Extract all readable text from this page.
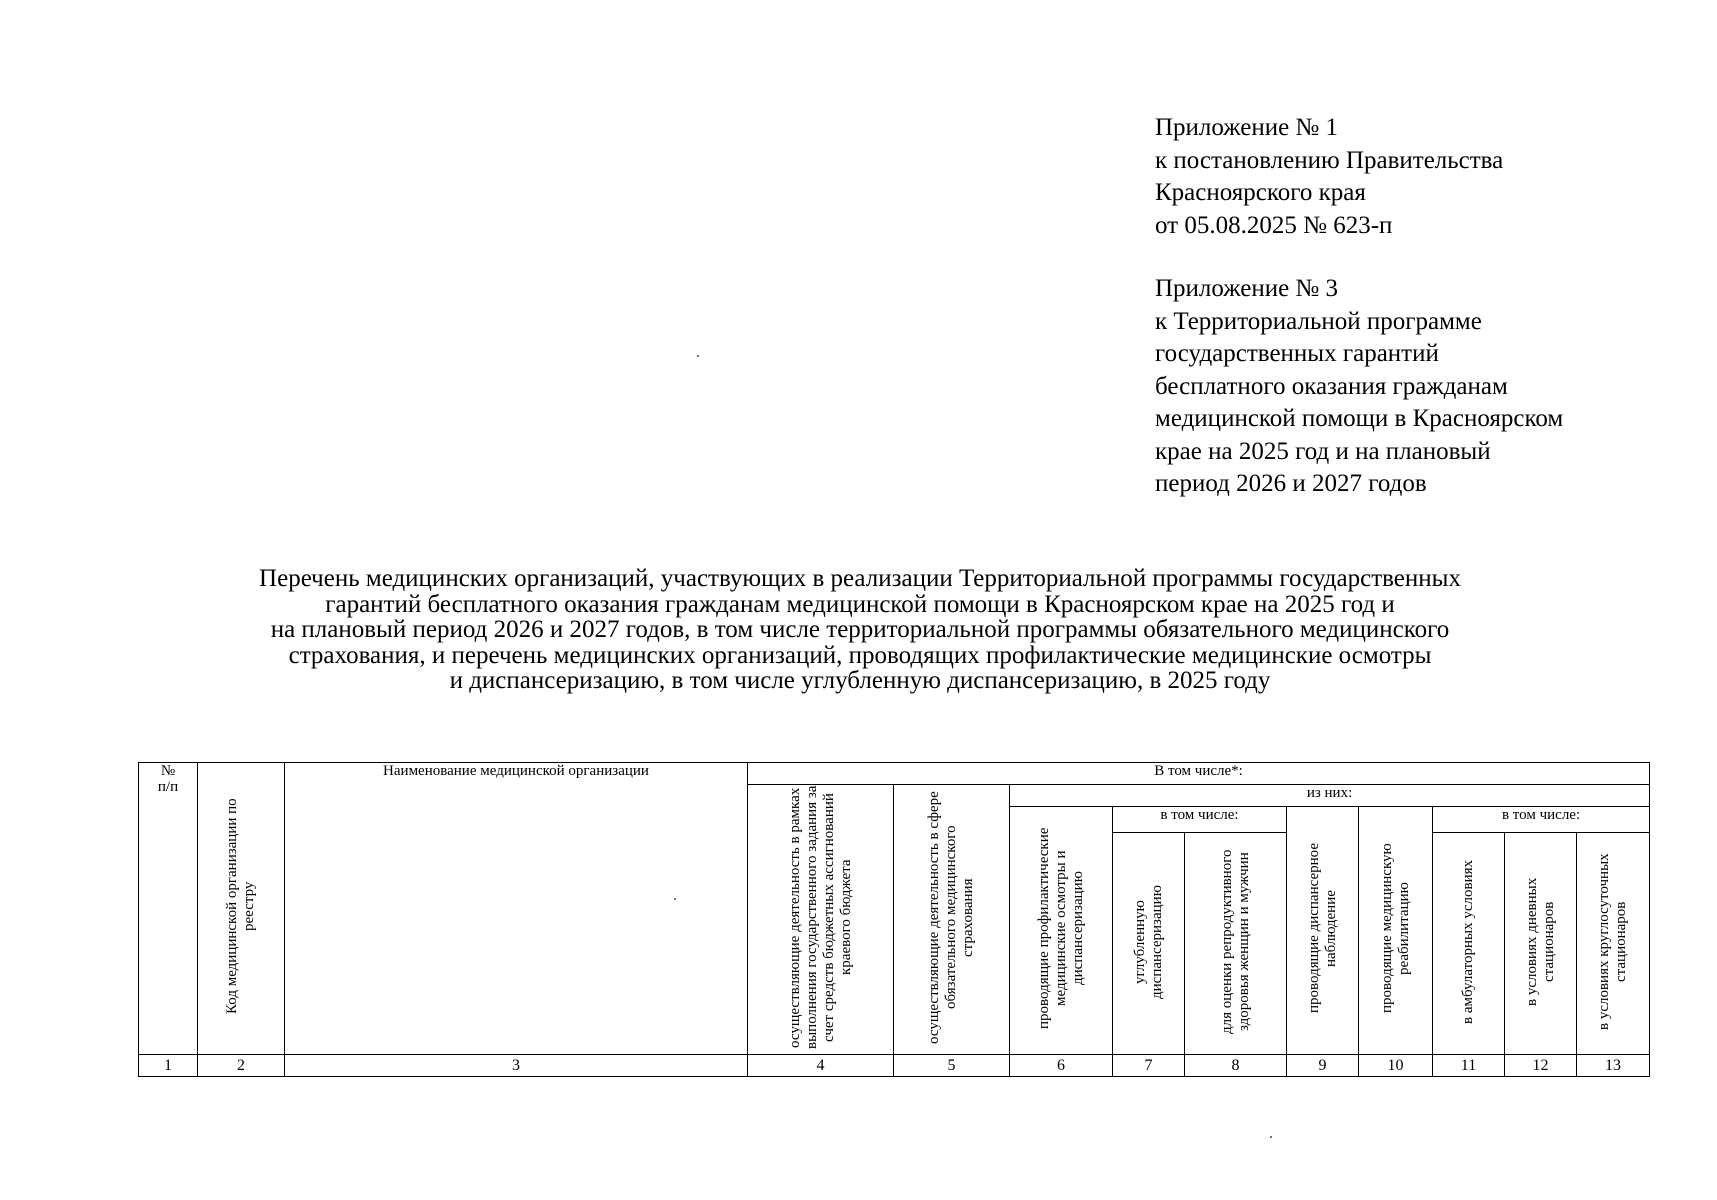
Приложение № 1
к постановлению Правительства
Красноярского края
от 05.08.2025 № 623-п
Приложение № 3
к Территориальной программе
государственных гарантий
бесплатного оказания гражданам
медицинской помощи в Красноярском
крае на 2025 год и на плановый
период 2026 и 2027 годов
Перечень медицинских организаций, участвующих в реализации Территориальной программы государственных
гарантий бесплатного оказания гражданам медицинской помощи в Красноярском крае на 2025 год и
на плановый период 2026 и 2027 годов, в том числе территориальной программы обязательного медицинского
страхования, и перечень медицинских организаций, проводящих профилактические медицинские осмотры
и диспансеризацию, в том числе углубленную диспансеризацию, в 2025 году
№ п/п	Код медицинской организации по реестру	Наименование медицинской организации	В том числе*:									
			осуществляющие деятельность в рамках выполнения государственного задания за счет средств бюджетных ассигнований краевого бюджета	осуществляющие деятельность в сфере обязательного медицинского страхования	из них:							
					проводящие профилактические медицинские осмотры и диспансеризацию	в том числе:		проводящие диспансерное наблюдение	проводящие медицинскую реабилитацию	в том числе:		
						углубленную диспансеризацию	для оценки репродуктивного здоровья женщин и мужчин			в амбулаторных условиях	в условиях дневных стационаров	в условиях круглосуточных стационаров
1	2	3	4	5	6	7	8	9	10	11	12	13
